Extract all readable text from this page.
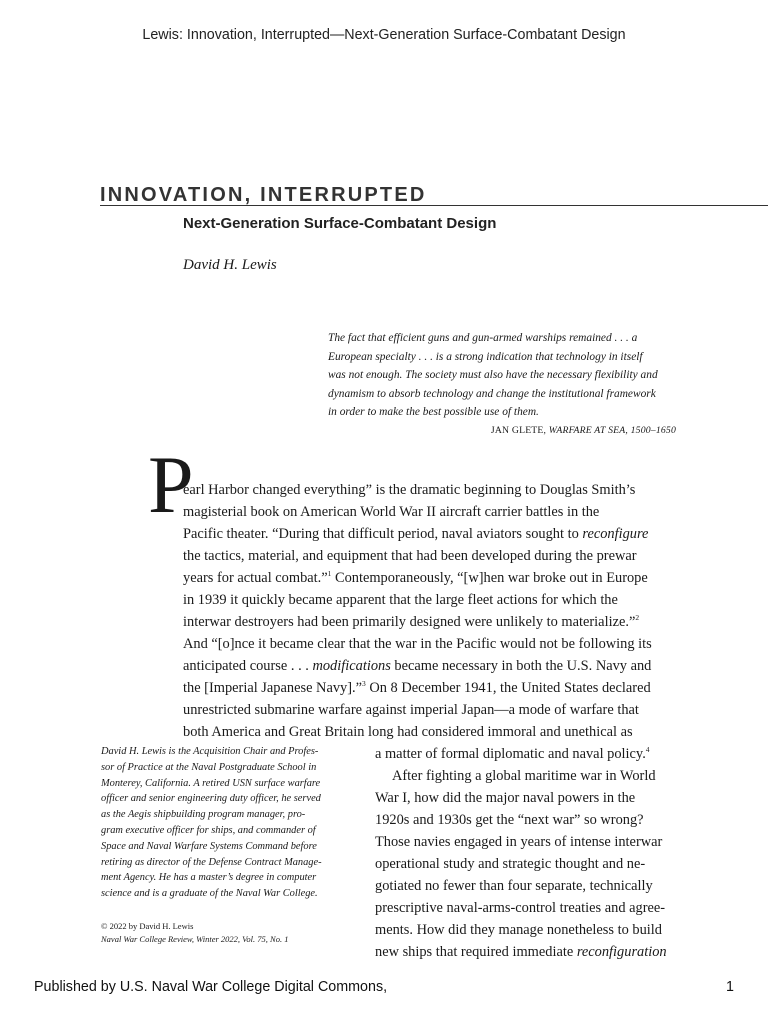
Lewis: Innovation, Interrupted—Next-Generation Surface-Combatant Design
INNOVATION, INTERRUPTED
Next-Generation Surface-Combatant Design
David H. Lewis
The fact that efficient guns and gun-armed warships remained . . . a
European specialty . . . is a strong indication that technology in itself
was not enough. The society must also have the necessary flexibility and
dynamism to absorb technology and change the institutional framework
in order to make the best possible use of them.
JAN GLETE, WARFARE AT SEA, 1500–1650
P
earl Harbor changed everything” is the dramatic beginning to Douglas Smith’s
magisterial book on American World War II aircraft carrier battles in the
Pacific theater. “During that difficult period, naval aviators sought to reconfigure
the tactics, material, and equipment that had been developed during the prewar
years for actual combat.”$^1$ Contemporaneously, “[w]hen war broke out in Europe
in 1939 it quickly became apparent that the large fleet actions for which the
interwar destroyers had been primarily designed were unlikely to materialize.”$^2$
And “[o]nce it became clear that the war in the Pacific would not be following its
anticipated course . . . modifications became necessary in both the U.S. Navy and
the [Imperial Japanese Navy].”$^3$ On 8 December 1941, the United States declared
unrestricted submarine warfare against imperial Japan—a mode of warfare that
both America and Great Britain long had considered immoral and unethical as
a matter of formal diplomatic and naval policy.$^4$
After fighting a global maritime war in World
War I, how did the major naval powers in the
1920s and 1930s get the “next war” so wrong?
Those navies engaged in years of intense interwar
operational study and strategic thought and ne-
gotiated no fewer than four separate, technically
prescriptive naval-arms-control treaties and agree-
ments. How did they manage nonetheless to build
new ships that required immediate reconfiguration
David H. Lewis is the Acquisition Chair and Profes-
sor of Practice at the Naval Postgraduate School in
Monterey, California. A retired USN surface warfare
officer and senior engineering duty officer, he served
as the Aegis shipbuilding program manager, pro-
gram executive officer for ships, and commander of
Space and Naval Warfare Systems Command before
retiring as director of the Defense Contract Manage-
ment Agency. He has a master’s degree in computer
science and is a graduate of the Naval War College.
© 2022 by David H. Lewis
Naval War College Review, Winter 2022, Vol. 75, No. 1
Published by U.S. Naval War College Digital Commons,	1
